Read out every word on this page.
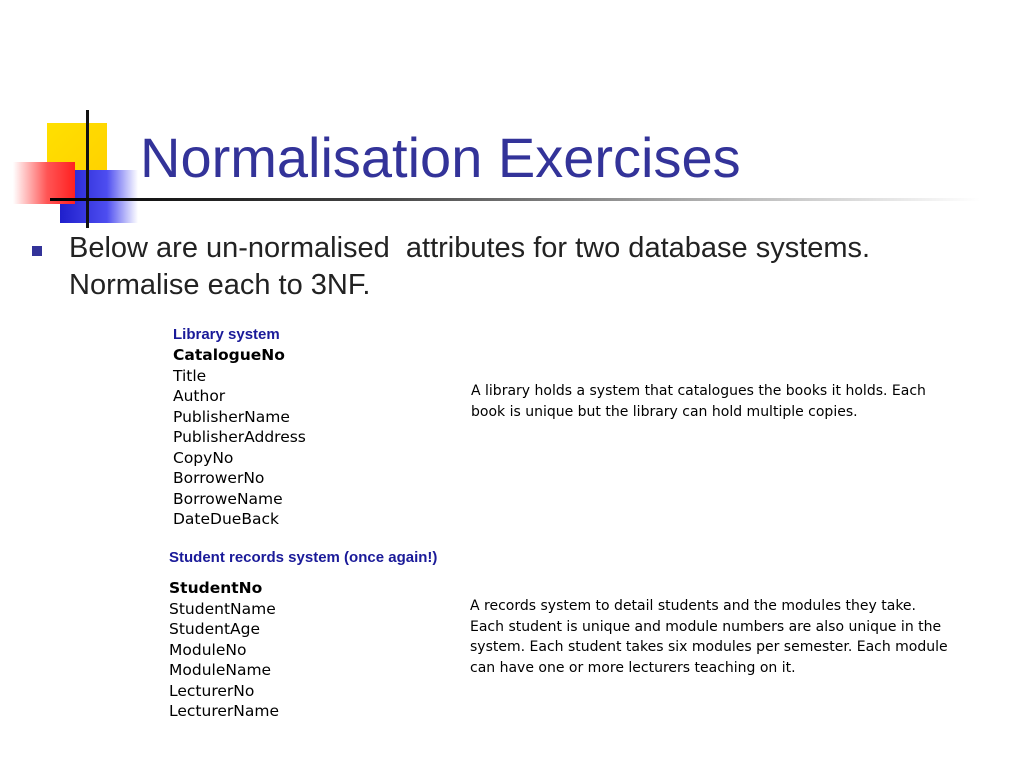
Normalisation Exercises
Below are un-normalised  attributes for two database systems.
Normalise each to 3NF.
Library system
CatalogueNo
Title
Author
PublisherName
PublisherAddress
CopyNo
BorrowerNo
BorroweName
DateDueBack

A library holds a system that catalogues the books it holds. Each
book is unique but the library can hold multiple copies.

Student records system (once again!)
StudentNo
StudentName
StudentAge
ModuleNo
ModuleName
LecturerNo
LecturerName

A records system to detail students and the modules they take.
Each student is unique and module numbers are also unique in the
system. Each student takes six modules per semester. Each module
can have one or more lecturers teaching on it.
